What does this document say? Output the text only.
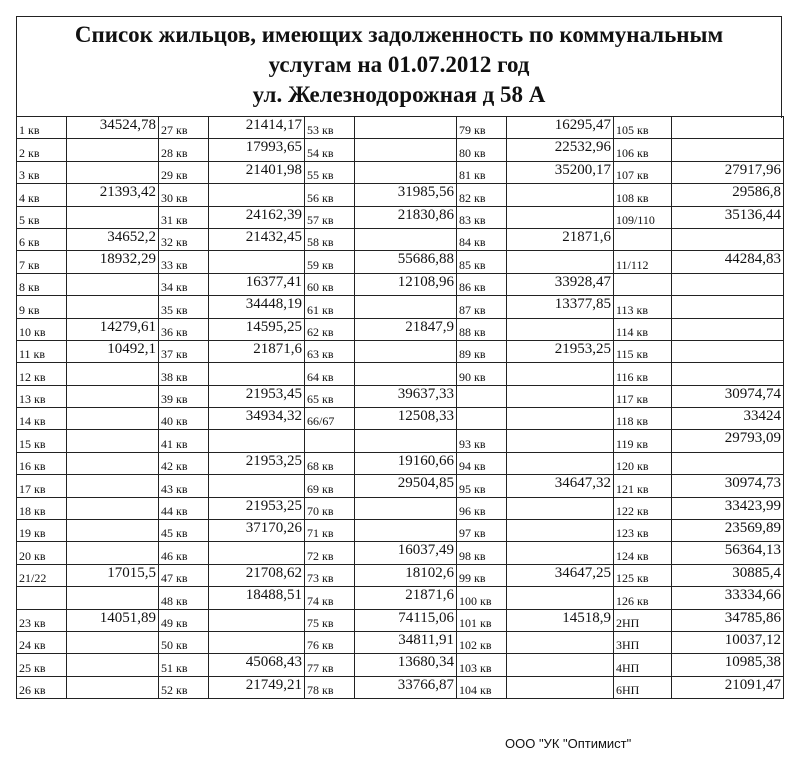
Список жильцов, имеющих задолженность по коммунальным
услугам на 01.07.2012 год
ул. Железнодорожная д 58 А
1 кв	34524,78	27 кв	21414,17	53 кв		79 кв	16295,47	105 кв	
2 кв		28 кв	17993,65	54 кв		80 кв	22532,96	106 кв	
3 кв		29 кв	21401,98	55 кв		81 кв	35200,17	107 кв	27917,96
4 кв	21393,42	30 кв		56 кв	31985,56	82 кв		108 кв	29586,8
5 кв		31 кв	24162,39	57 кв	21830,86	83 кв		109/110	35136,44
6 кв	34652,2	32 кв	21432,45	58 кв		84 кв	21871,6		
7 кв	18932,29	33 кв		59 кв	55686,88	85 кв		11/112	44284,83
8 кв		34 кв	16377,41	60 кв	12108,96	86 кв	33928,47		
9 кв		35 кв	34448,19	61 кв		87 кв	13377,85	113 кв	
10 кв	14279,61	36 кв	14595,25	62 кв	21847,9	88 кв		114 кв	
11 кв	10492,1	37 кв	21871,6	63 кв		89 кв	21953,25	115 кв	
12 кв		38 кв		64 кв		90 кв		116 кв	
13 кв		39 кв	21953,45	65 кв	39637,33			117 кв	30974,74
14 кв		40 кв	34934,32	66/67	12508,33			118 кв	33424
15 кв		41 кв				93 кв		119 кв	29793,09
16 кв		42 кв	21953,25	68 кв	19160,66	94 кв		120 кв	
17 кв		43 кв		69 кв	29504,85	95 кв	34647,32	121 кв	30974,73
18 кв		44 кв	21953,25	70 кв		96 кв		122 кв	33423,99
19 кв		45 кв	37170,26	71 кв		97 кв		123 кв	23569,89
20 кв		46 кв		72 кв	16037,49	98 кв		124 кв	56364,13
21/22	17015,5	47 кв	21708,62	73 кв	18102,6	99 кв	34647,25	125 кв	30885,4
		48 кв	18488,51	74 кв	21871,6	100 кв		126 кв	33334,66
23 кв	14051,89	49 кв		75 кв	74115,06	101 кв	14518,9	2НП	34785,86
24 кв		50 кв		76 кв	34811,91	102 кв		3НП	10037,12
25 кв		51 кв	45068,43	77 кв	13680,34	103 кв		4НП	10985,38
26 кв		52 кв	21749,21	78 кв	33766,87	104 кв		6НП	21091,47
ООО "УК "Оптимист"
